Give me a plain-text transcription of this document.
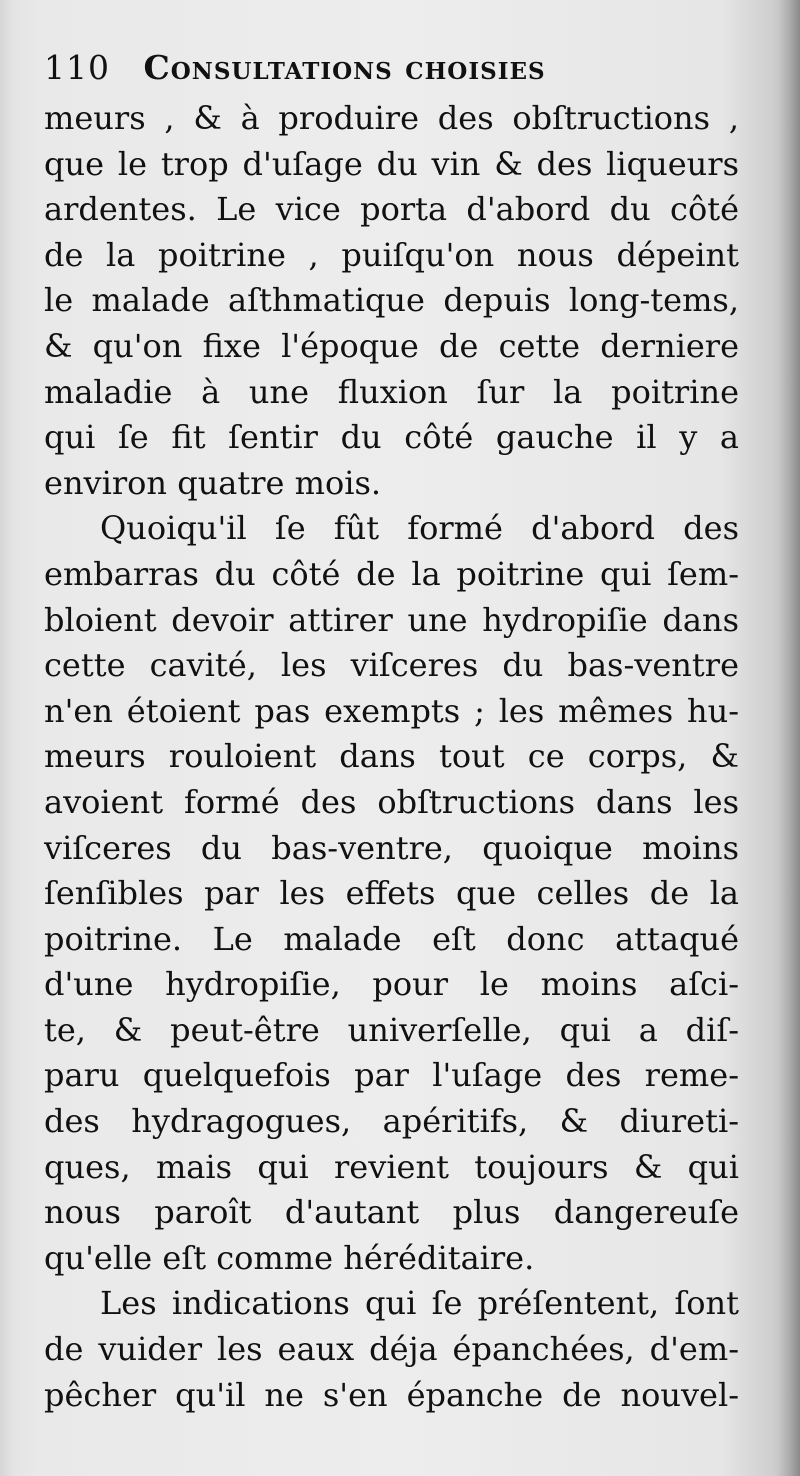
110 Consultations choisies
meurs , & à produire des obſtructions ,
que le trop d'uſage du vin & des liqueurs
ardentes. Le vice porta d'abord du côté
de la poitrine , puiſqu'on nous dépeint
le malade aſthmatique depuis long-tems,
& qu'on fixe l'époque de cette derniere
maladie à une fluxion ſur la poitrine
qui ſe fit ſentir du côté gauche il y a
environ quatre mois.
Quoiqu'il ſe fût formé d'abord des
embarras du côté de la poitrine qui ſem-
bloient devoir attirer une hydropiſie dans
cette cavité, les viſceres du bas-ventre
n'en étoient pas exempts ; les mêmes hu-
meurs rouloient dans tout ce corps, &
avoient formé des obſtructions dans les
viſceres du bas-ventre, quoique moins
ſenſibles par les effets que celles de la
poitrine. Le malade eſt donc attaqué
d'une hydropiſie, pour le moins aſci-
te, & peut-être univerſelle, qui a diſ-
paru quelquefois par l'uſage des reme-
des hydragogues, apéritifs, & diureti-
ques, mais qui revient toujours & qui
nous paroît d'autant plus dangereuſe
qu'elle eſt comme héréditaire.
Les indications qui ſe préſentent, ſont
de vuider les eaux déja épanchées, d'em-
pêcher qu'il ne s'en épanche de nouvel-
